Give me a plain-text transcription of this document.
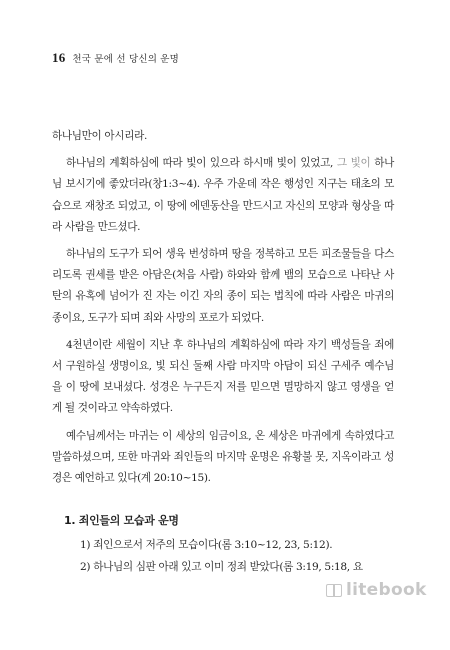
16 천국 문에 선 당신의 운명

하나님만이 아시리라.

하나님의 계획하심에 따라 빛이 있으라 하시매 빛이 있었고, 그 빛이 하나님 보시기에 좋았더라(창1:3~4). 우주 가운데 작은 행성인 지구는 태초의 모습으로 재창조 되었고, 이 땅에 에덴동산을 만드시고 자신의 모양과 형상을 따라 사람을 만드셨다.

하나님의 도구가 되어 생육 번성하며 땅을 정복하고 모든 피조물들을 다스리도록 권세를 받은 아담은(처음 사람) 하와와 함께 뱀의 모습으로 나타난 사탄의 유혹에 넘어가 진 자는 이긴 자의 종이 되는 법칙에 따라 사람은 마귀의 종이요, 도구가 되며 죄와 사망의 포로가 되었다.

4천년이란 세월이 지난 후 하나님의 계획하심에 따라 자기 백성들을 죄에서 구원하실 생명이요, 빛 되신 둘째 사람 마지막 아담이 되신 구세주 예수님을 이 땅에 보내셨다. 성경은 누구든지 저를 믿으면 멸망하지 않고 영생을 얻게 될 것이라고 약속하였다.

예수님께서는 마귀는 이 세상의 임금이요, 온 세상은 마귀에게 속하였다고 말씀하셨으며, 또한 마귀와 죄인들의 마지막 운명은 유황불 못, 지옥이라고 성경은 예언하고 있다(계 20:10~15).

1. 죄인들의 모습과 운명

1) 죄인으로서 저주의 모습이다(롬 3:10~12, 23, 5:12).

2) 하나님의 심판 아래 있고 이미 정죄 받았다(롬 3:19, 5:18, 요

litebook
